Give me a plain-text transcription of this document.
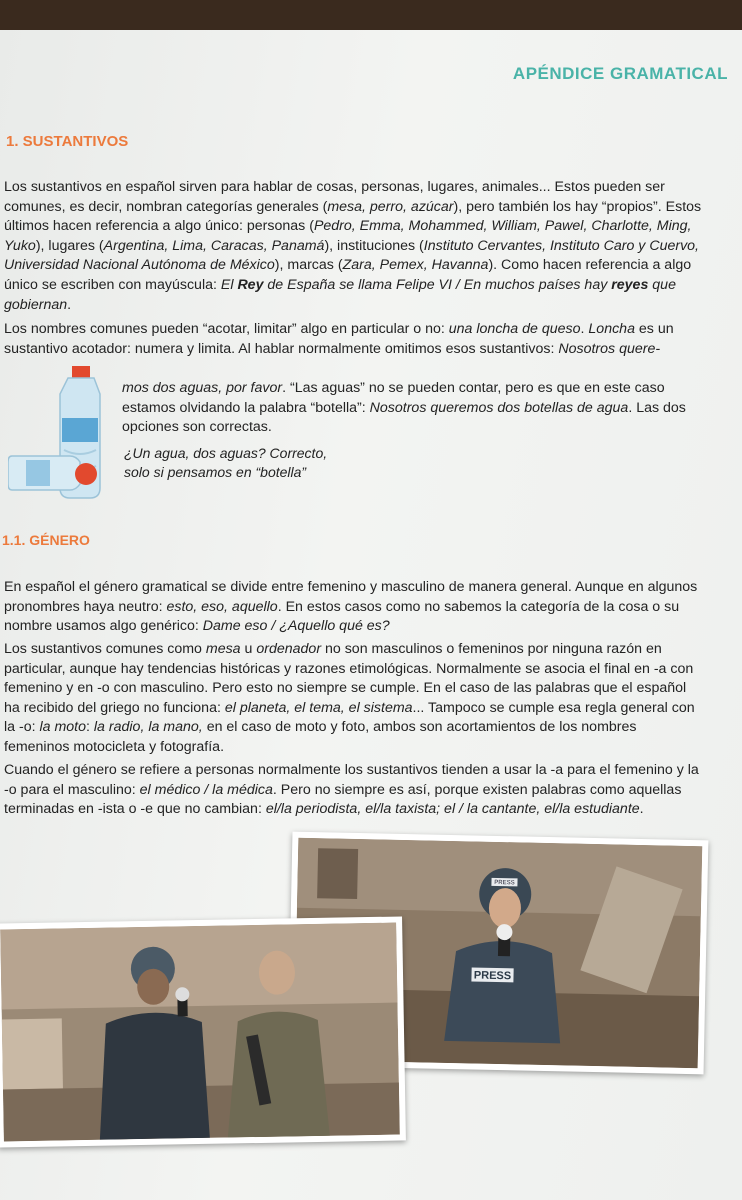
APÉNDICE GRAMATICAL
1. SUSTANTIVOS

Los sustantivos en español sirven para hablar de cosas, personas, lugares, animales... Estos pueden ser comunes, es decir, nombran categorías generales (mesa, perro, azúcar), pero también los hay “propios”. Estos últimos hacen referencia a algo único: personas (Pedro, Emma, Mohammed, William, Pawel, Charlotte, Ming, Yuko), lugares (Argentina, Lima, Caracas, Panamá), instituciones (Instituto Cervantes, Instituto Caro y Cuervo, Universidad Nacional Autónoma de México), marcas (Zara, Pemex, Havanna). Como hacen referencia a algo único se escriben con mayúscula: El Rey de España se llama Felipe VI / En muchos países hay reyes que gobiernan.

Los nombres comunes pueden “acotar, limitar” algo en particular o no: una loncha de queso. Loncha es un sustantivo acotador: numera y limita. Al hablar normalmente omitimos esos sustantivos: Nosotros quere-

mos dos aguas, por favor. “Las aguas” no se pueden contar, pero es que en este caso estamos olvidando la palabra “botella”: Nosotros queremos dos botellas de agua. Las dos opciones son correctas.

¿Un agua, dos aguas? Correcto,
solo si pensamos en “botella”
1.1. GÉNERO

En español el género gramatical se divide entre femenino y masculino de manera general. Aunque en algunos pronombres haya neutro: esto, eso, aquello. En estos casos como no sabemos la categoría de la cosa o su nombre usamos algo genérico: Dame eso / ¿Aquello qué es?

Los sustantivos comunes como mesa u ordenador no son masculinos o femeninos por ninguna razón en particular, aunque hay tendencias históricas y razones etimológicas. Normalmente se asocia el final en -a con femenino y en -o con masculino. Pero esto no siempre se cumple. En el caso de las palabras que el español ha recibido del griego no funciona: el planeta, el tema, el sistema... Tampoco se cumple esa regla general con la -o: la moto: la radio, la mano, en el caso de moto y foto, ambos son acortamientos de los nombres femeninos motocicleta y fotografía.

Cuando el género se refiere a personas normalmente los sustantivos tienden a usar la -a para el femenino y la -o para el masculino: el médico / la médica. Pero no siempre es así, porque existen palabras como aquellas terminadas en -ista o -e que no cambian: el/la periodista, el/la taxista; el / la cantante, el/la estudiante.

PRESS
PRESS
